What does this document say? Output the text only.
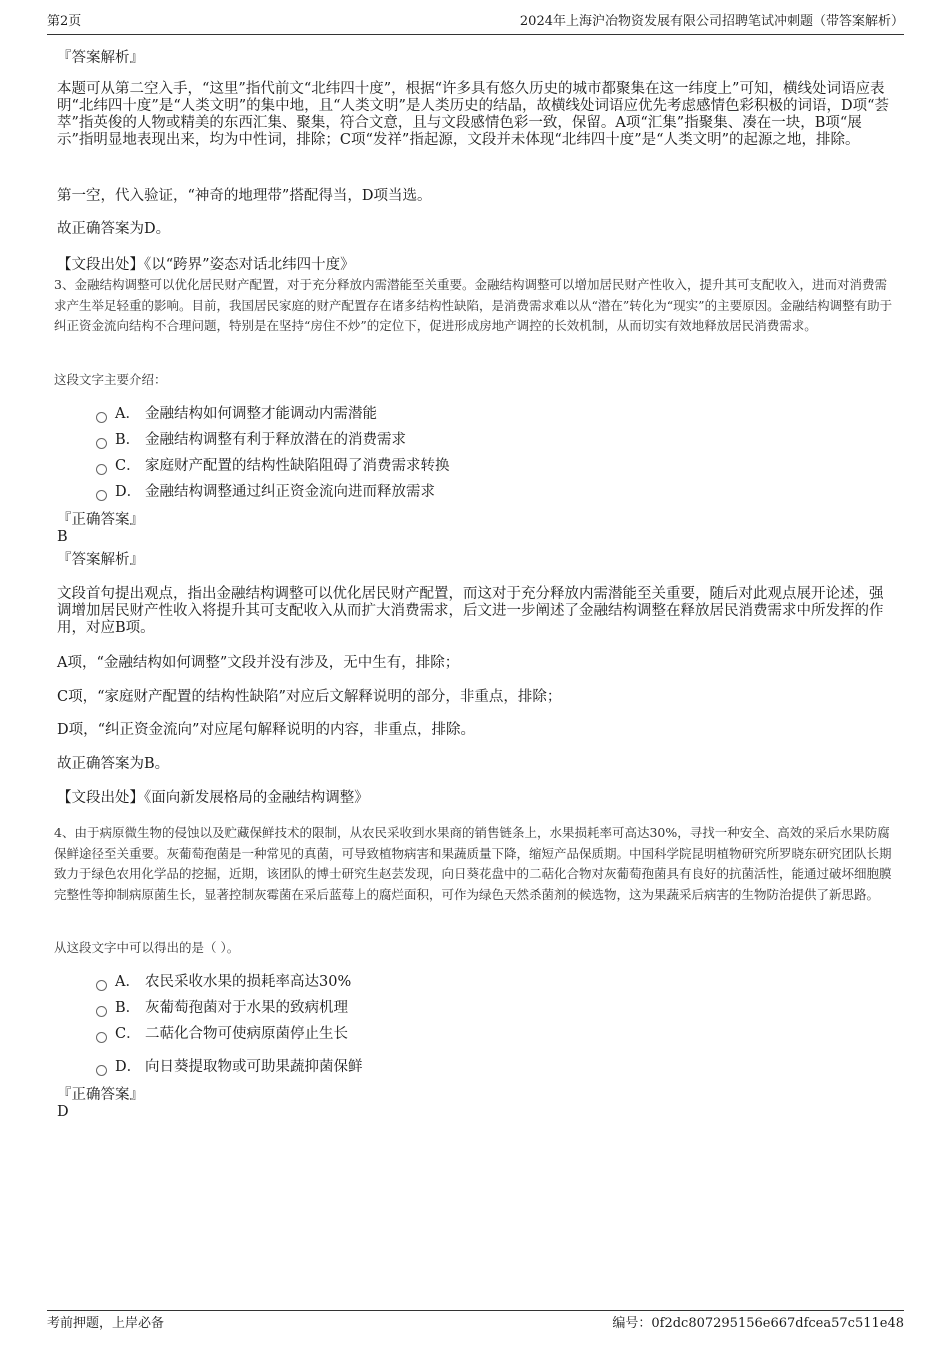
第2页	2024年上海沪冶物资发展有限公司招聘笔试冲刺题（带答案解析）
『答案解析』
本题可从第二空入手，“这里”指代前文“北纬四十度”，根据“许多具有悠久历史的城市都聚集在这一纬度上”可知，横线处词语应表明“北纬四十度”是“人类文明”的集中地，且“人类文明”是人类历史的结晶，故横线处词语应优先考虑感情色彩积极的词语，D项“荟萃”指英俊的人物或精美的东西汇集、聚集，符合文意，且与文段感情色彩一致，保留。A项“汇集”指聚集、凑在一块，B项“展示”指明显地表现出来，均为中性词，排除；C项“发祥”指起源，文段并未体现“北纬四十度”是“人类文明”的起源之地，排除。
第一空，代入验证，“神奇的地理带”搭配得当，D项当选。
故正确答案为D。
【文段出处】《以“跨界”姿态对话北纬四十度》
3、金融结构调整可以优化居民财产配置，对于充分释放内需潜能至关重要。金融结构调整可以增加居民财产性收入，提升其可支配收入，进而对消费需求产生举足轻重的影响。目前，我国居民家庭的财产配置存在诸多结构性缺陷，是消费需求难以从“潜在”转化为“现实”的主要原因。金融结构调整有助于纠正资金流向结构不合理问题，特别是在坚持“房住不炒”的定位下，促进形成房地产调控的长效机制，从而切实有效地释放居民消费需求。
这段文字主要介绍：
A． 金融结构如何调整才能调动内需潜能
B． 金融结构调整有利于释放潜在的消费需求
C． 家庭财产配置的结构性缺陷阻碍了消费需求转换
D． 金融结构调整通过纠正资金流向进而释放需求
『正确答案』
B
『答案解析』
文段首句提出观点，指出金融结构调整可以优化居民财产配置，而这对于充分释放内需潜能至关重要，随后对此观点展开论述，强调增加居民财产性收入将提升其可支配收入从而扩大消费需求，后文进一步阐述了金融结构调整在释放居民消费需求中所发挥的作用，对应B项。
A项，“金融结构如何调整”文段并没有涉及，无中生有，排除；
C项，“家庭财产配置的结构性缺陷”对应后文解释说明的部分，非重点，排除；
D项，“纠正资金流向”对应尾句解释说明的内容，非重点，排除。
故正确答案为B。
【文段出处】《面向新发展格局的金融结构调整》
4、由于病原微生物的侵蚀以及贮藏保鲜技术的限制，从农民采收到水果商的销售链条上，水果损耗率可高达30%，寻找一种安全、高效的采后水果防腐保鲜途径至关重要。灰葡萄孢菌是一种常见的真菌，可导致植物病害和果蔬质量下降，缩短产品保质期。中国科学院昆明植物研究所罗晓东研究团队长期致力于绿色农用化学品的挖掘，近期，该团队的博士研究生赵芸发现，向日葵花盘中的二萜化合物对灰葡萄孢菌具有良好的抗菌活性，能通过破坏细胞膜完整性等抑制病原菌生长，显著控制灰霉菌在采后蓝莓上的腐烂面积，可作为绿色天然杀菌剂的候选物，这为果蔬采后病害的生物防治提供了新思路。
从这段文字中可以得出的是（ ）。
A． 农民采收水果的损耗率高达30%
B． 灰葡萄孢菌对于水果的致病机理
C． 二萜化合物可使病原菌停止生长
D． 向日葵提取物或可助果蔬抑菌保鲜
『正确答案』
D
考前押题，上岸必备	编号：0f2dc807295156e667dfcea57c511e48
